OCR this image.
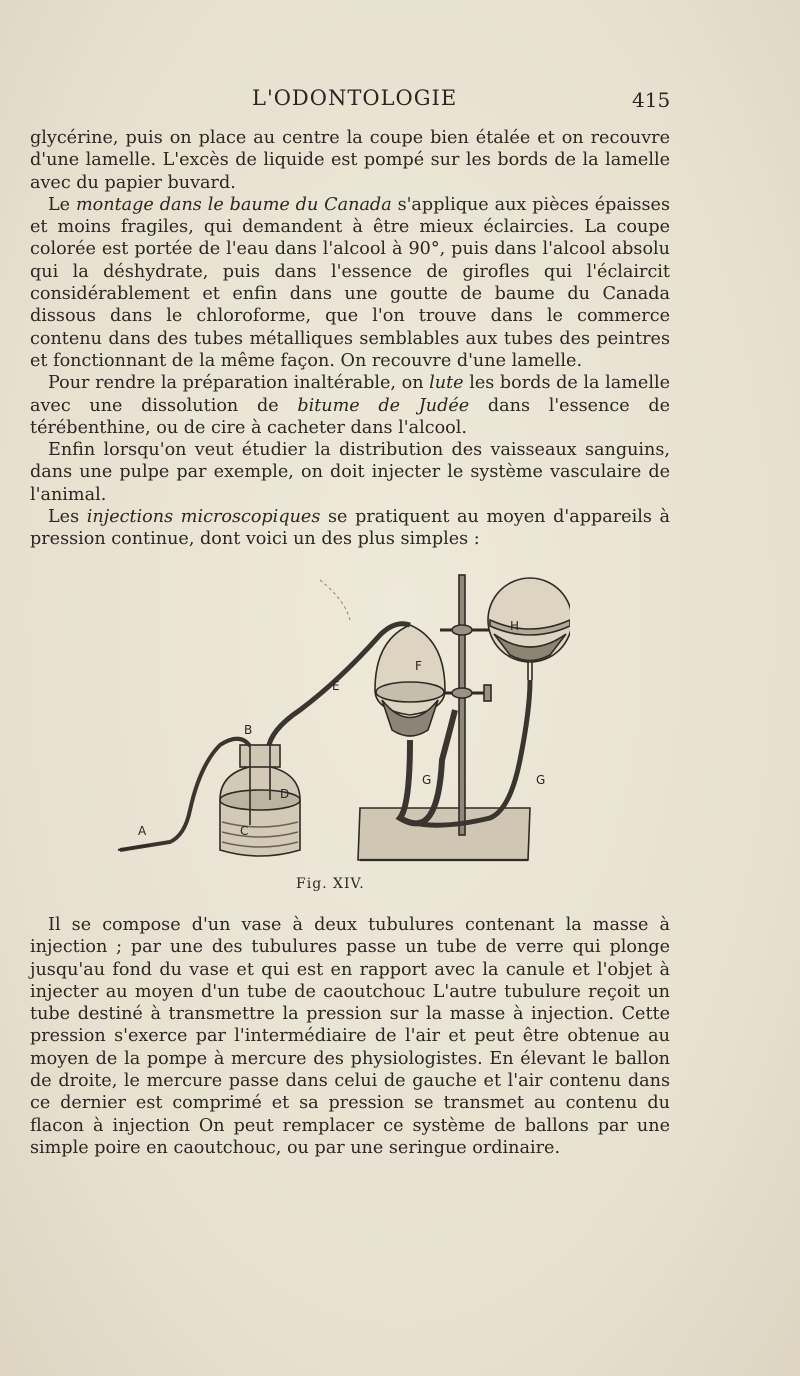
L'ODONTOLOGIE	415

glycérine, puis on place au centre la coupe bien étalée et on recouvre d'une lamelle. L'excès de liquide est pompé sur les bords de la lamelle avec du papier buvard.

Le montage dans le baume du Canada s'applique aux pièces épaisses et moins fragiles, qui demandent à être mieux éclaircies. La coupe colorée est portée de l'eau dans l'alcool à 90°, puis dans l'alcool absolu qui la déshydrate, puis dans l'essence de girofles qui l'éclaircit considérablement et enfin dans une goutte de baume du Canada dissous dans le chloroforme, que l'on trouve dans le commerce contenu dans des tubes métalliques semblables aux tubes des peintres et fonctionnant de la même façon. On recouvre d'une lamelle.

Pour rendre la préparation inaltérable, on lute les bords de la lamelle avec une dissolution de bitume de Judée dans l'essence de térébenthine, ou de cire à cacheter dans l'alcool.

Enfin lorsqu'on veut étudier la distribution des vaisseaux sanguins, dans une pulpe par exemple, on doit injecter le système vasculaire de l'animal.

Les injections microscopiques se pratiquent au moyen d'appareils à pression continue, dont voici un des plus simples :

A
B
C
D
E
F
G	G
H
Fig. XIV.

Il se compose d'un vase à deux tubulures contenant la masse à injection ; par une des tubulures passe un tube de verre qui plonge jusqu'au fond du vase et qui est en rapport avec la canule et l'objet à injecter au moyen d'un tube de caoutchouc L'autre tubulure reçoit un tube destiné à transmettre la pression sur la masse à injection. Cette pression s'exerce par l'intermédiaire de l'air et peut être obtenue au moyen de la pompe à mercure des physiologistes. En élevant le ballon de droite, le mercure passe dans celui de gauche et l'air contenu dans ce dernier est comprimé et sa pression se transmet au contenu du flacon à injection On peut remplacer ce système de ballons par une simple poire en caoutchouc, ou par une seringue ordinaire.
